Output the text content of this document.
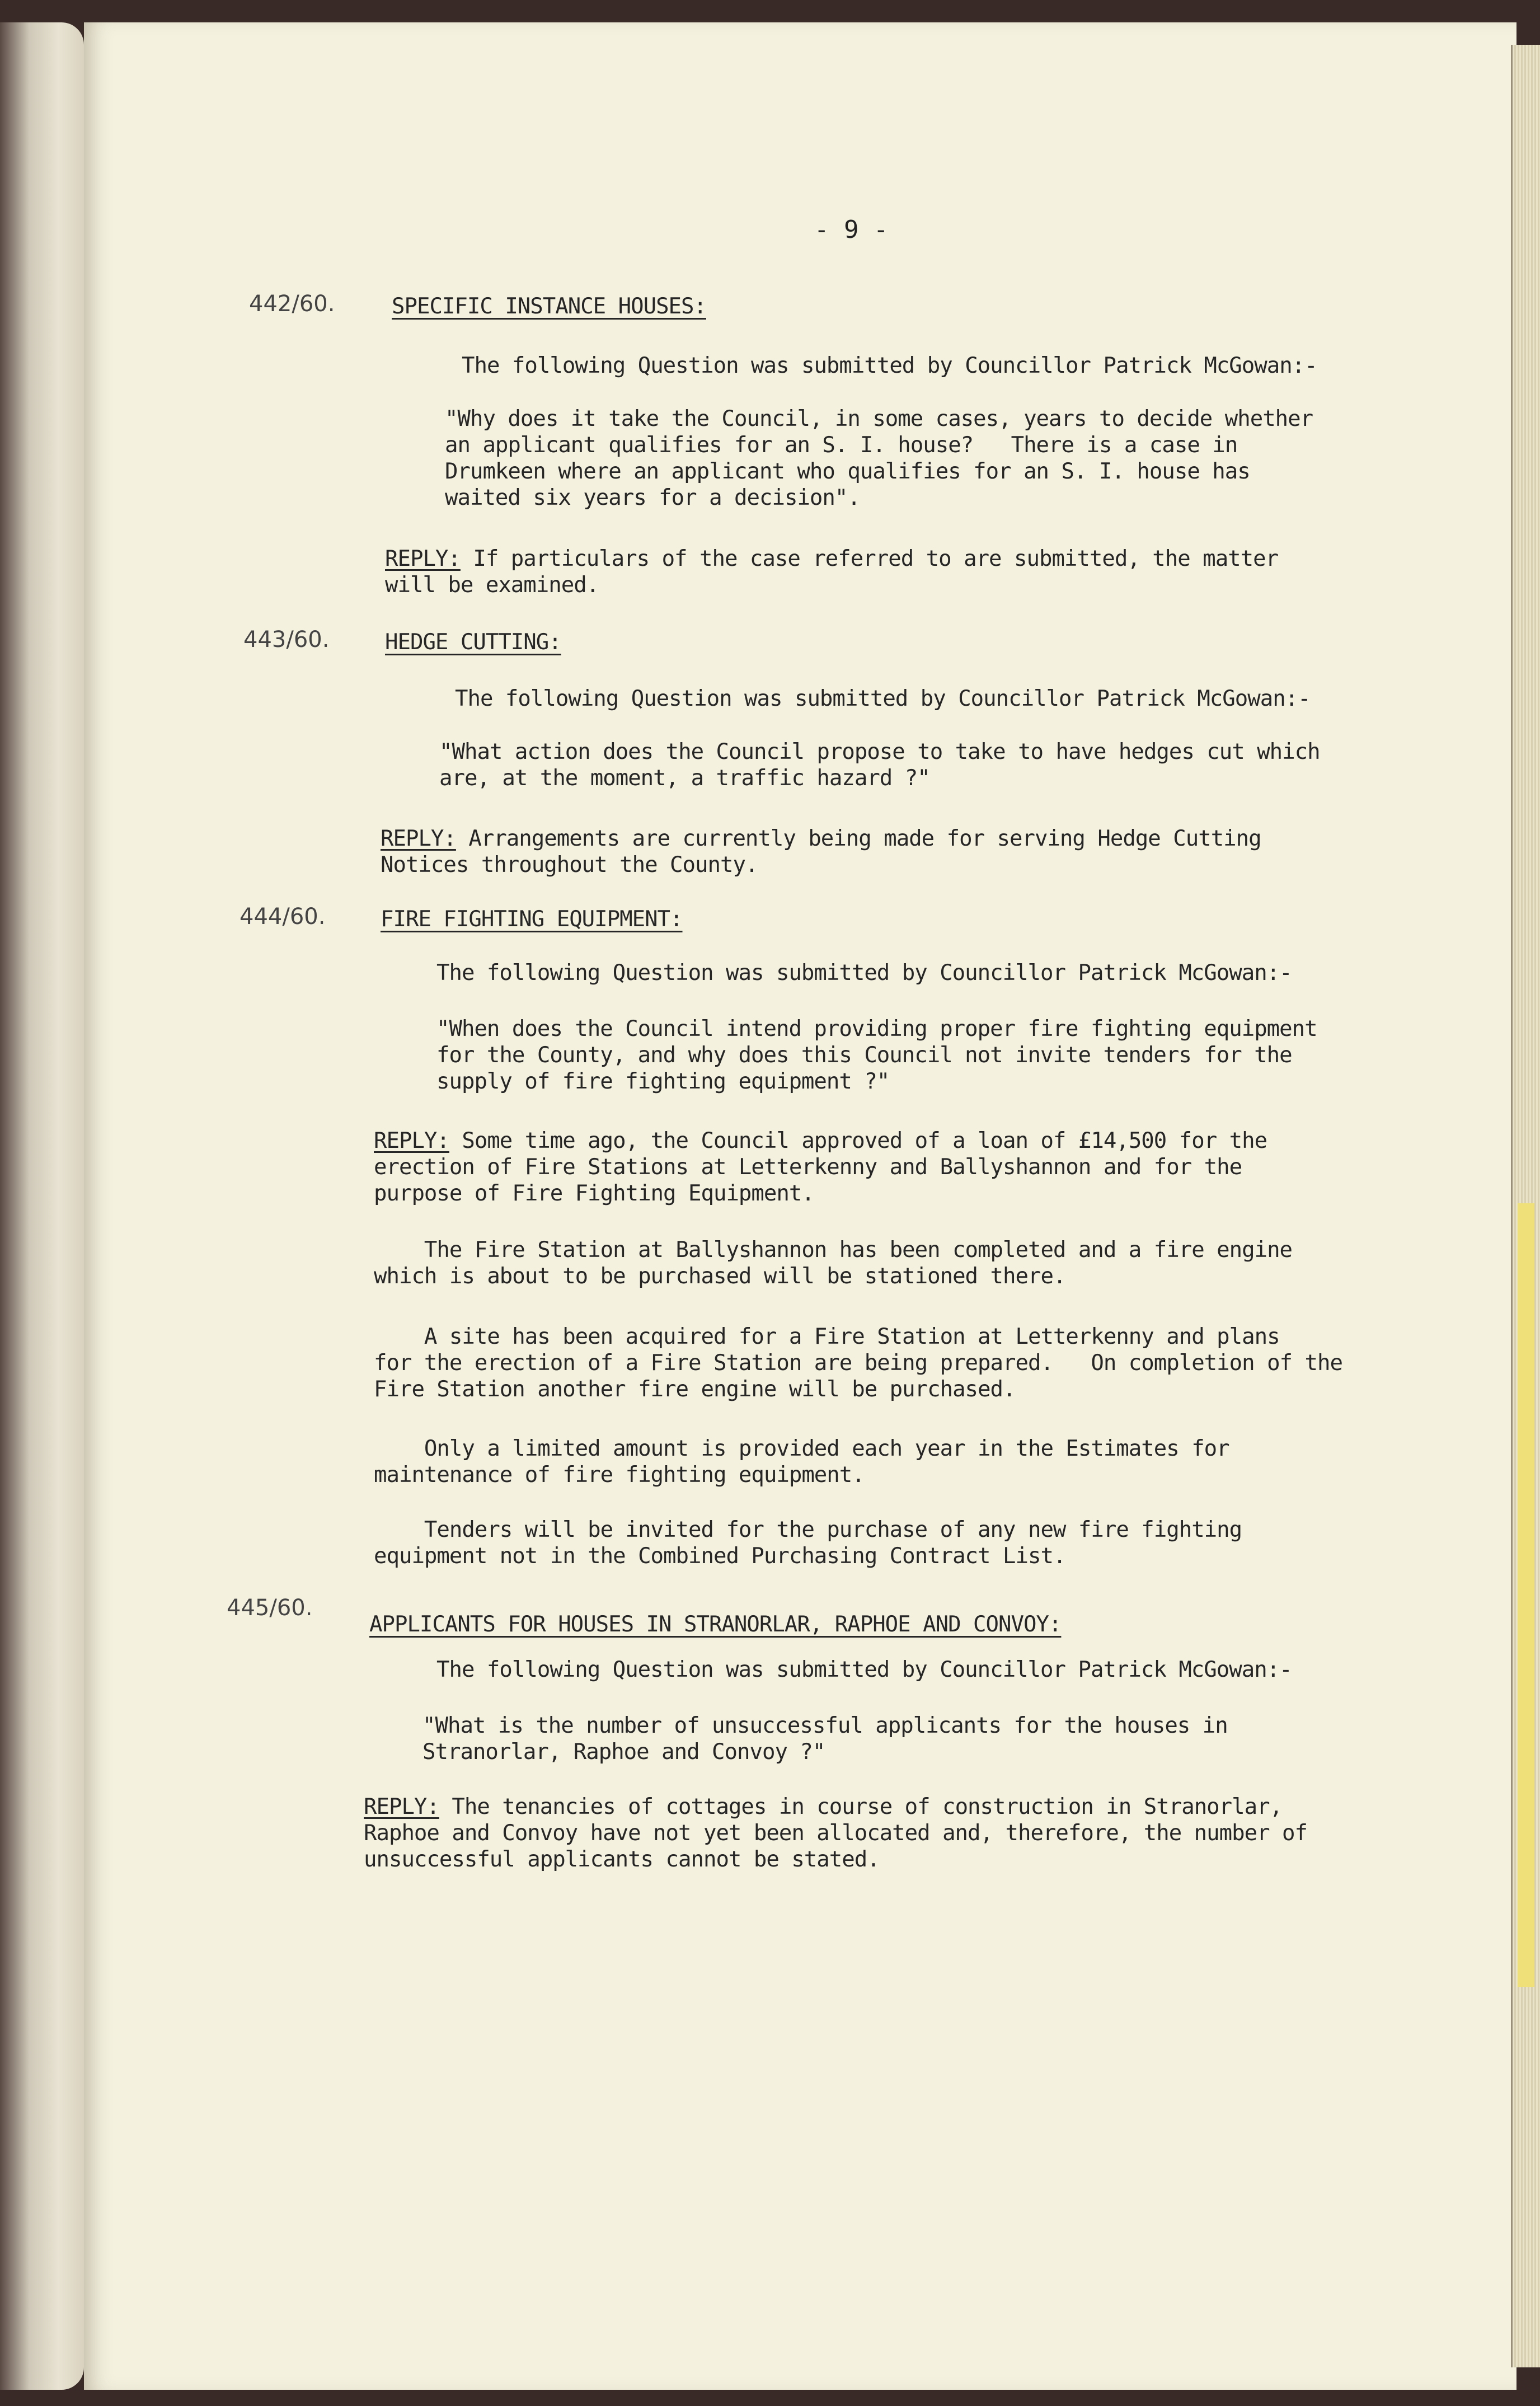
- 9 -
442/60.	SPECIFIC INSTANCE HOUSES:
The following Question was submitted by Councillor Patrick McGowan:-
"Why does it take the Council, in some cases, years to decide whether
an applicant qualifies for an S. I. house?   There is a case in
Drumkeen where an applicant who qualifies for an S. I. house has
waited six years for a decision".
REPLY: If particulars of the case referred to are submitted, the matter
will be examined.
443/60.	HEDGE CUTTING:
The following Question was submitted by Councillor Patrick McGowan:-
"What action does the Council propose to take to have hedges cut which
are, at the moment, a traffic hazard ?"
REPLY: Arrangements are currently being made for serving Hedge Cutting
Notices throughout the County.
444/60.	FIRE FIGHTING EQUIPMENT:
The following Question was submitted by Councillor Patrick McGowan:-
"When does the Council intend providing proper fire fighting equipment
for the County, and why does this Council not invite tenders for the
supply of fire fighting equipment ?"
REPLY: Some time ago, the Council approved of a loan of £14,500 for the
erection of Fire Stations at Letterkenny and Ballyshannon and for the
purpose of Fire Fighting Equipment.
The Fire Station at Ballyshannon has been completed and a fire engine
which is about to be purchased will be stationed there.
A site has been acquired for a Fire Station at Letterkenny and plans
for the erection of a Fire Station are being prepared.   On completion of the
Fire Station another fire engine will be purchased.
Only a limited amount is provided each year in the Estimates for
maintenance of fire fighting equipment.
Tenders will be invited for the purchase of any new fire fighting
equipment not in the Combined Purchasing Contract List.
445/60.
APPLICANTS FOR HOUSES IN STRANORLAR, RAPHOE AND CONVOY:
The following Question was submitted by Councillor Patrick McGowan:-
"What is the number of unsuccessful applicants for the houses in
Stranorlar, Raphoe and Convoy ?"
REPLY: The tenancies of cottages in course of construction in Stranorlar,
Raphoe and Convoy have not yet been allocated and, therefore, the number of
unsuccessful applicants cannot be stated.
